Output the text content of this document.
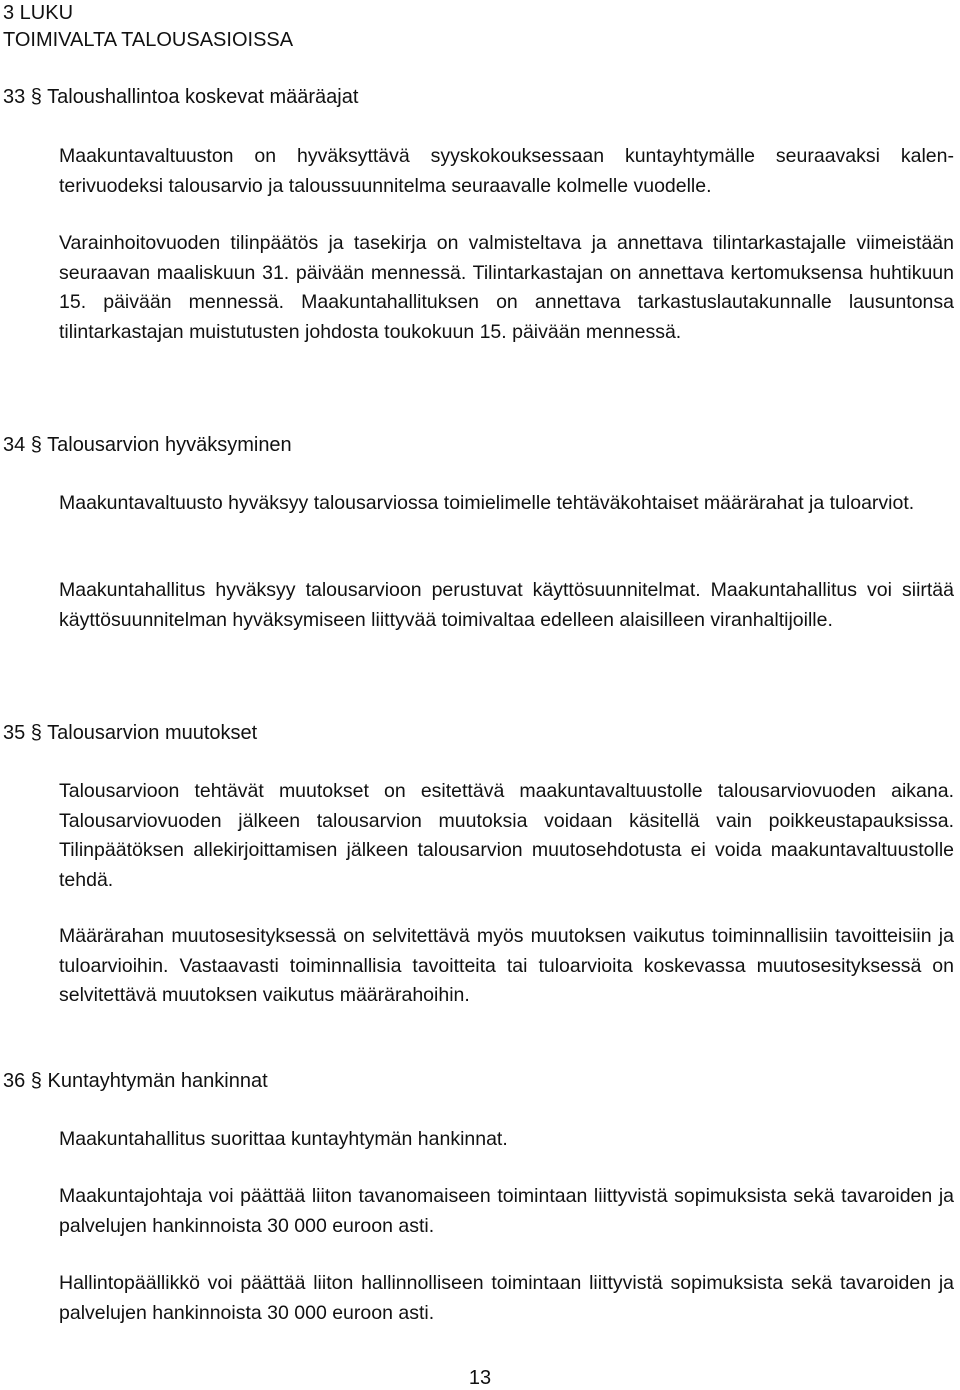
3 LUKU
TOIMIVALTA TALOUSASIOISSA
33 § Taloushallintoa koskevat määräajat
Maakuntavaltuuston on hyväksyttävä syyskokouksessaan kuntayhtymälle seuraavaksi kalenterivuodeksi talousarvio ja taloussuunnitelma seuraavalle kolmelle vuodelle.
Varainhoitovuoden tilinpäätös ja tasekirja on valmisteltava ja annettava tilintarkastajalle viimeistään seuraavan maaliskuun 31. päivään mennessä. Tilintarkastajan on annettava kertomuksensa huhtikuun 15. päivään mennessä. Maakuntahallituksen on annettava tarkastuslautakunnalle lausuntonsa tilintarkastajan muistutusten johdosta toukokuun 15. päivään mennessä.
34 § Talousarvion hyväksyminen
Maakuntavaltuusto hyväksyy talousarviossa toimielimelle tehtäväkohtaiset määrärahat ja tuloarviot.
Maakuntahallitus hyväksyy talousarvioon perustuvat käyttösuunnitelmat. Maakuntahallitus voi siirtää käyttösuunnitelman hyväksymiseen liittyvää toimivaltaa edelleen alaisilleen viranhaltijoille.
35 § Talousarvion muutokset
Talousarvioon tehtävät muutokset on esitettävä maakuntavaltuustolle talousarviovuoden aikana. Talousarviovuoden jälkeen talousarvion muutoksia voidaan käsitellä vain poikkeustapauksissa. Tilinpäätöksen allekirjoittamisen jälkeen talousarvion muutosehdotusta ei voida maakuntavaltuustolle tehdä.
Määrärahan muutosesityksessä on selvitettävä myös muutoksen vaikutus toiminnallisiin tavoitteisiin ja tuloarvioihin. Vastaavasti toiminnallisia tavoitteita tai tuloarvioita koskevassa muutosesityksessä on selvitettävä muutoksen vaikutus määrärahoihin.
36 § Kuntayhtymän hankinnat
Maakuntahallitus suorittaa kuntayhtymän hankinnat.
Maakuntajohtaja voi päättää liiton tavanomaiseen toimintaan liittyvistä sopimuksista sekä tavaroiden ja palvelujen hankinnoista 30 000 euroon asti.
Hallintopäällikkö voi päättää liiton hallinnolliseen toimintaan liittyvistä sopimuksista sekä tavaroiden ja palvelujen hankinnoista 30 000 euroon asti.
13
